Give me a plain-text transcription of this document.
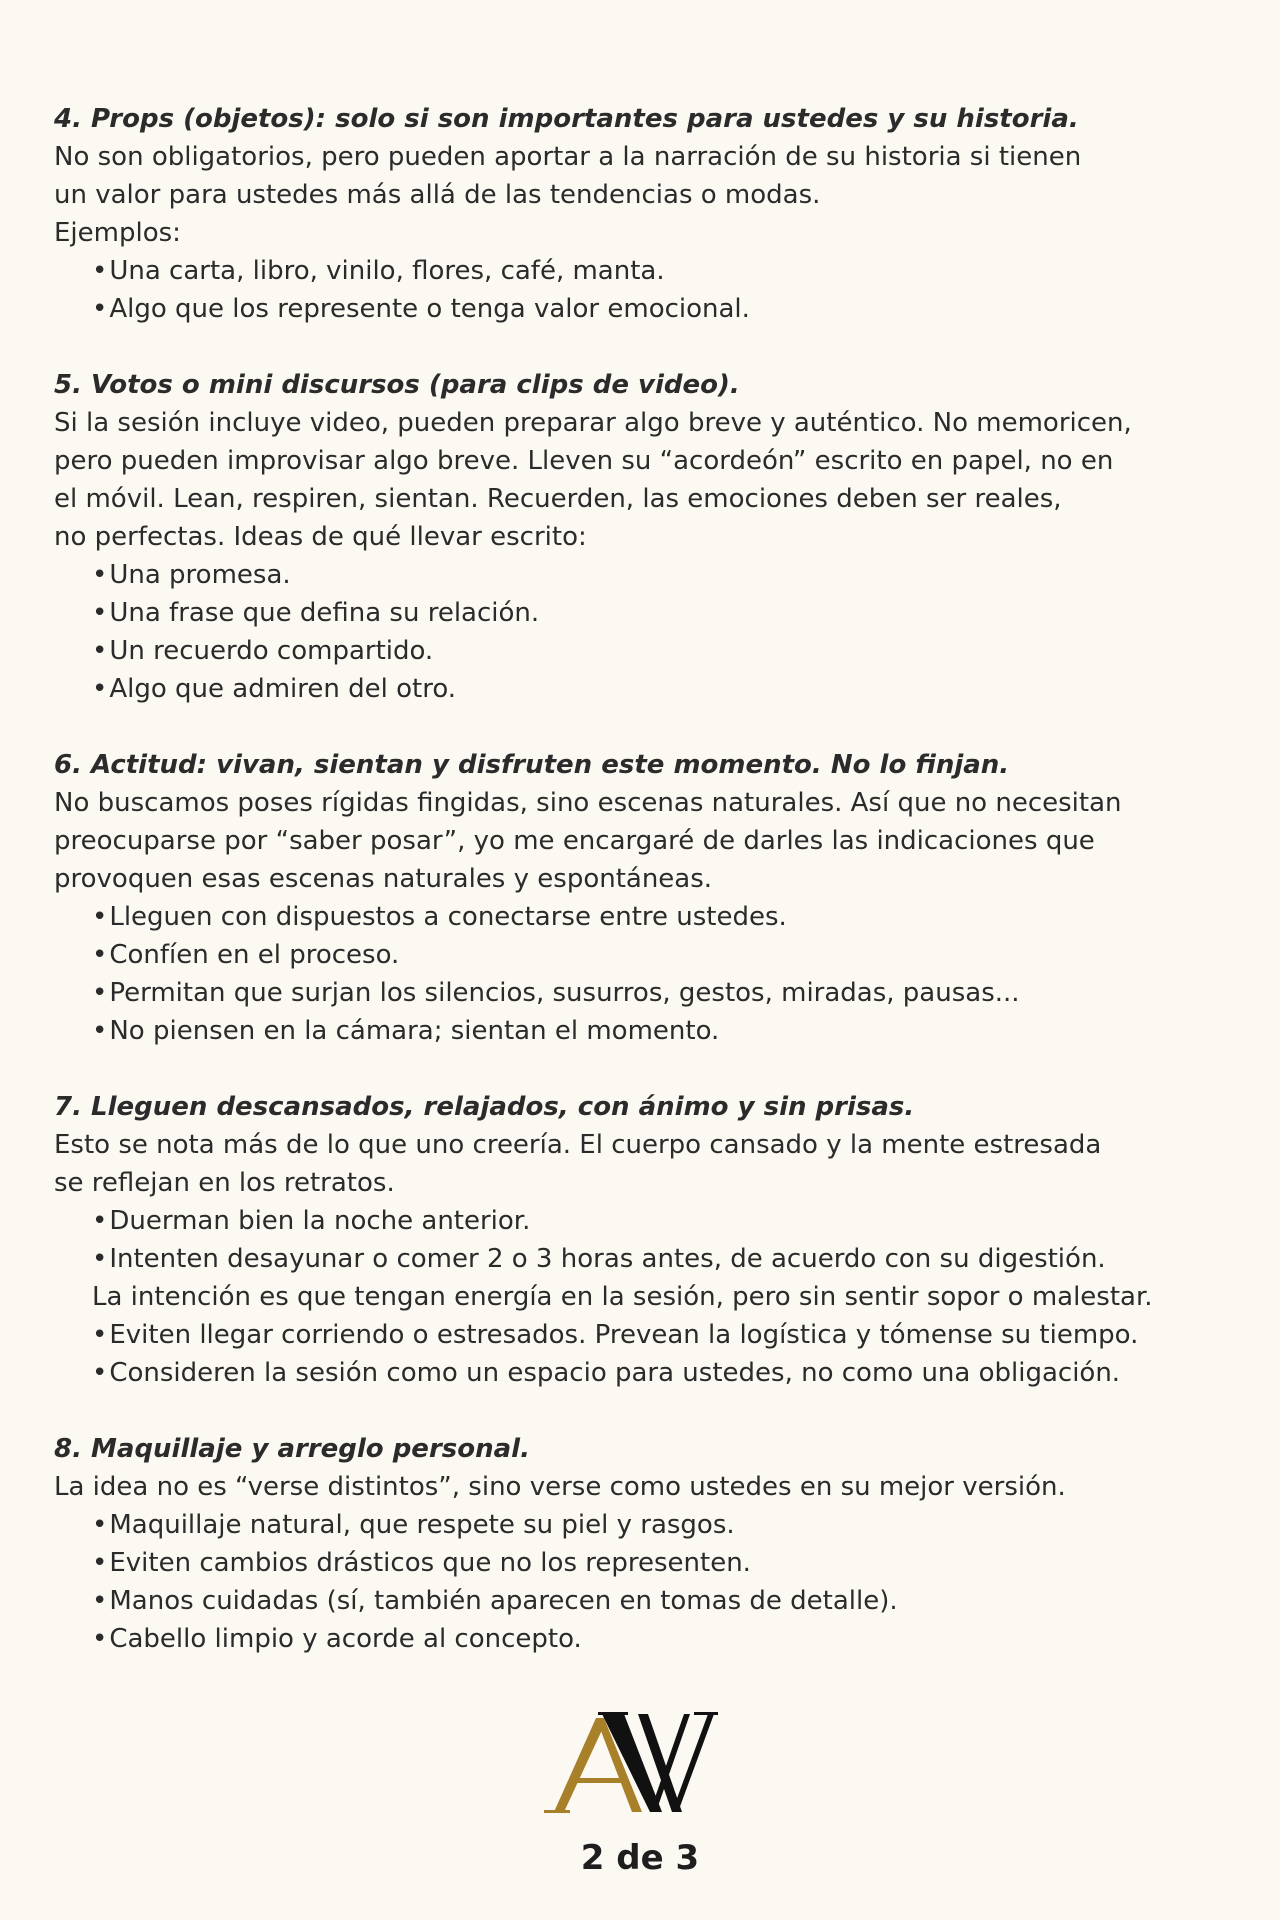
4. Props (objetos): solo si son importantes para ustedes y su historia.

No son obligatorios, pero pueden aportar a la narración de su historia si tienen
un valor para ustedes más allá de las tendencias o modas.
Ejemplos:

•Una carta, libro, vinilo, flores, café, manta.
•Algo que los represente o tenga valor emocional.

5. Votos o mini discursos (para clips de video).

Si la sesión incluye video, pueden preparar algo breve y auténtico. No memoricen,
pero pueden improvisar algo breve. Lleven su “acordeón” escrito en papel, no en
el móvil. Lean, respiren, sientan. Recuerden, las emociones deben ser reales,
no perfectas. Ideas de qué llevar escrito:

•Una promesa.
•Una frase que defina su relación.
•Un recuerdo compartido.
•Algo que admiren del otro.

6. Actitud: vivan, sientan y disfruten este momento. No lo finjan.

No buscamos poses rígidas fingidas, sino escenas naturales. Así que no necesitan
preocuparse por “saber posar”, yo me encargaré de darles las indicaciones que
provoquen esas escenas naturales y espontáneas.

•Lleguen con dispuestos a conectarse entre ustedes.
•Confíen en el proceso.
•Permitan que surjan los silencios, susurros, gestos, miradas, pausas...
•No piensen en la cámara; sientan el momento.

7. Lleguen descansados, relajados, con ánimo y sin prisas.

Esto se nota más de lo que uno creería. El cuerpo cansado y la mente estresada
se reflejan en los retratos.

•Duerman bien la noche anterior.
•Intenten desayunar o comer 2 o 3 horas antes, de acuerdo con su digestión.
La intención es que tengan energía en la sesión, pero sin sentir sopor o malestar.
•Eviten llegar corriendo o estresados. Prevean la logística y tómense su tiempo.
•Consideren la sesión como un espacio para ustedes, no como una obligación.

8. Maquillaje y arreglo personal.

La idea no es “verse distintos”, sino verse como ustedes en su mejor versión.

•Maquillaje natural, que respete su piel y rasgos.
•Eviten cambios drásticos que no los representen.
•Manos cuidadas (sí, también aparecen en tomas de detalle).
•Cabello limpio y acorde al concepto.
2 de 3
